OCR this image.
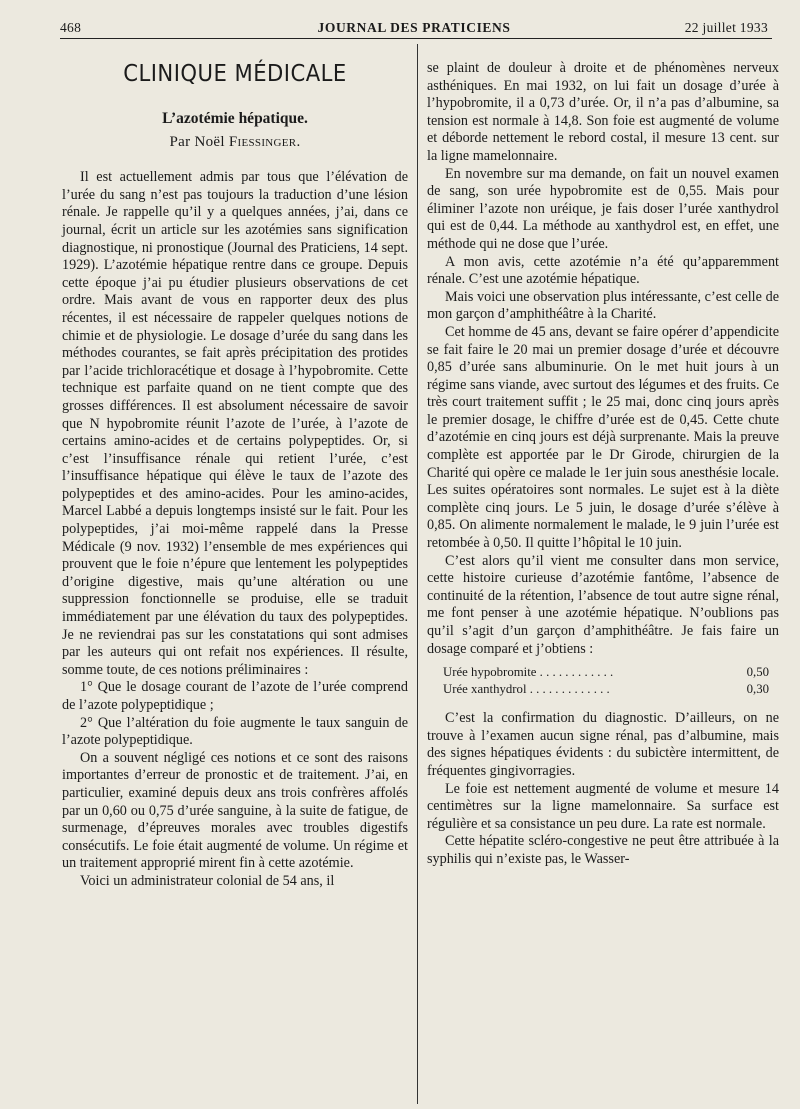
468	JOURNAL DES PRATICIENS	22 juillet 1933
CLINIQUE MÉDICALE
L’azotémie hépatique.
Par Noël Fiessinger.

Il est actuellement admis par tous que l’élévation de l’urée du sang n’est pas toujours la traduction d’une lésion rénale. Je rappelle qu’il y a quelques années, j’ai, dans ce journal, écrit un article sur les azotémies sans signification diagnostique, ni pronostique (Journal des Praticiens, 14 sept. 1929). L’azotémie hépatique rentre dans ce groupe. Depuis cette époque j’ai pu étudier plusieurs observations de cet ordre. Mais avant de vous en rapporter deux des plus récentes, il est nécessaire de rappeler quelques notions de chimie et de physiologie. Le dosage d’urée du sang dans les méthodes courantes, se fait après précipitation des protides par l’acide trichloracétique et dosage à l’hypobromite. Cette technique est parfaite quand on ne tient compte que des grosses différences. Il est absolument nécessaire de savoir que N hypobromite réunit l’azote de l’urée, à l’azote de certains amino-acides et de certains polypeptides. Or, si c’est l’insuffisance rénale qui retient l’urée, c’est l’insuffisance hépatique qui élève le taux de l’azote des polypeptides et des amino-acides. Pour les amino-acides, Marcel Labbé a depuis longtemps insisté sur le fait. Pour les polypeptides, j’ai moi-même rappelé dans la Presse Médicale (9 nov. 1932) l’ensemble de mes expériences qui prouvent que le foie n’épure que lentement les polypeptides d’origine digestive, mais qu’une altération ou une suppression fonctionnelle se produise, elle se traduit immédiatement par une élévation du taux des polypeptides. Je ne reviendrai pas sur les constatations qui sont admises par les auteurs qui ont refait nos expériences. Il résulte, somme toute, de ces notions préliminaires :

1° Que le dosage courant de l’azote de l’urée comprend de l’azote polypeptidique ;

2° Que l’altération du foie augmente le taux sanguin de l’azote polypeptidique.

On a souvent négligé ces notions et ce sont des raisons importantes d’erreur de pronostic et de traitement. J’ai, en particulier, examiné depuis deux ans trois confrères affolés par un 0,60 ou 0,75 d’urée sanguine, à la suite de fatigue, de surmenage, d’épreuves morales avec troubles digestifs consécutifs. Le foie était augmenté de volume. Un régime et un traitement approprié mirent fin à cette azotémie.

Voici un administrateur colonial de 54 ans, il

se plaint de douleur à droite et de phénomènes nerveux asthéniques. En mai 1932, on lui fait un dosage d’urée à l’hypobromite, il a 0,73 d’urée. Or, il n’a pas d’albumine, sa tension est normale à 14,8. Son foie est augmenté de volume et déborde nettement le rebord costal, il mesure 13 cent. sur la ligne mamelonnaire.

En novembre sur ma demande, on fait un nouvel examen de sang, son urée hypobromite est de 0,55. Mais pour éliminer l’azote non uréique, je fais doser l’urée xanthydrol qui est de 0,44. La méthode au xanthydrol est, en effet, une méthode qui ne dose que l’urée.

A mon avis, cette azotémie n’a été qu’apparemment rénale. C’est une azotémie hépatique.

Mais voici une observation plus intéressante, c’est celle de mon garçon d’amphithéâtre à la Charité.

Cet homme de 45 ans, devant se faire opérer d’appendicite se fait faire le 20 mai un premier dosage d’urée et découvre 0,85 d’urée sans albuminurie. On le met huit jours à un régime sans viande, avec surtout des légumes et des fruits. Ce très court traitement suffit ; le 25 mai, donc cinq jours après le premier dosage, le chiffre d’urée est de 0,45. Cette chute d’azotémie en cinq jours est déjà surprenante. Mais la preuve complète est apportée par le Dr Girode, chirurgien de la Charité qui opère ce malade le 1er juin sous anesthésie locale. Les suites opératoires sont normales. Le sujet est à la diète complète cinq jours. Le 5 juin, le dosage d’urée s’élève à 0,85. On alimente normalement le malade, le 9 juin l’urée est retombée à 0,50. Il quitte l’hôpital le 10 juin.

C’est alors qu’il vient me consulter dans mon service, cette histoire curieuse d’azotémie fantôme, l’absence de continuité de la rétention, l’absence de tout autre signe rénal, me font penser à une azotémie hépatique. N’oublions pas qu’il s’agit d’un garçon d’amphithéâtre. Je fais faire un dosage comparé et j’obtiens :

Urée hypobromite . . . . . . . . . . . .	0,50
Urée xanthydrol . . . . . . . . . . . . .	0,30

C’est la confirmation du diagnostic. D’ailleurs, on ne trouve à l’examen aucun signe rénal, pas d’albumine, mais des signes hépatiques évidents : du subictère intermittent, de fréquentes gingivorragies.

Le foie est nettement augmenté de volume et mesure 14 centimètres sur la ligne mamelonnaire. Sa surface est régulière et sa consistance un peu dure. La rate est normale.

Cette hépatite scléro-congestive ne peut être attribuée à la syphilis qui n’existe pas, le Wasser-
